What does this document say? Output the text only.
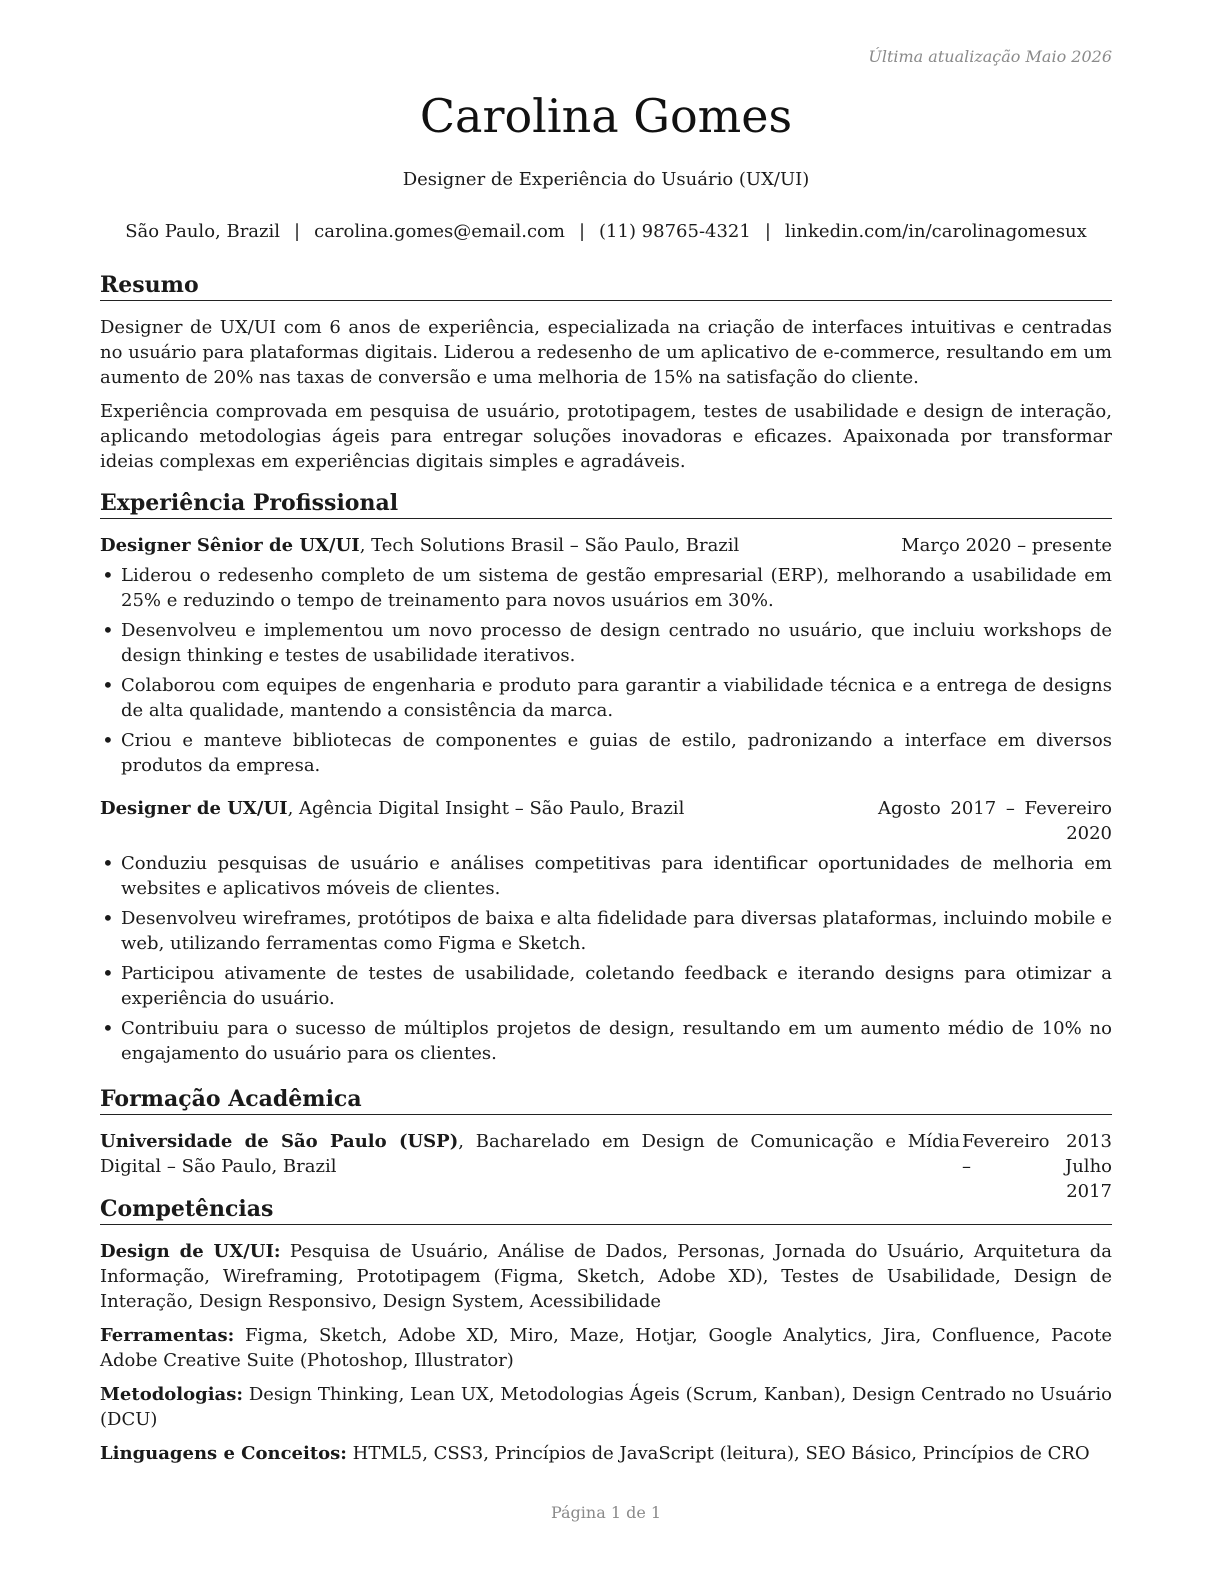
Última atualização Maio 2026
Carolina Gomes
Designer de Experiência do Usuário (UX/UI)
São Paulo, Brazil | carolina.gomes@email.com | (11) 98765-4321 | linkedin.com/in/carolinagomesux
Resumo

Designer de UX/UI com 6 anos de experiência, especializada na criação de interfaces intuitivas e centradas no usuário para plataformas digitais. Liderou a redesenho de um aplicativo de e-commerce, resultando em um aumento de 20% nas taxas de conversão e uma melhoria de 15% na satisfação do cliente.

Experiência comprovada em pesquisa de usuário, prototipagem, testes de usabilidade e design de interação, aplicando metodologias ágeis para entregar soluções inovadoras e eficazes. Apaixonada por transformar ideias complexas em experiências digitais simples e agradáveis.

Experiência Profissional
Designer Sênior de UX/UI, Tech Solutions Brasil – São Paulo, Brazil	Março 2020 – presente
• Liderou o redesenho completo de um sistema de gestão empresarial (ERP), melhorando a usabilidade em 25% e reduzindo o tempo de treinamento para novos usuários em 30%.
• Desenvolveu e implementou um novo processo de design centrado no usuário, que incluiu workshops de design thinking e testes de usabilidade iterativos.
• Colaborou com equipes de engenharia e produto para garantir a viabilidade técnica e a entrega de designs de alta qualidade, mantendo a consistência da marca.
• Criou e manteve bibliotecas de componentes e guias de estilo, padronizando a interface em diversos produtos da empresa.
Designer de UX/UI, Agência Digital Insight – São Paulo, Brazil	Agosto 2017 – Fevereiro
2020
• Conduziu pesquisas de usuário e análises competitivas para identificar oportunidades de melhoria em websites e aplicativos móveis de clientes.
• Desenvolveu wireframes, protótipos de baixa e alta fidelidade para diversas plataformas, incluindo mobile e web, utilizando ferramentas como Figma e Sketch.
• Participou ativamente de testes de usabilidade, coletando feedback e iterando designs para otimizar a experiência do usuário.
• Contribuiu para o sucesso de múltiplos projetos de design, resultando em um aumento médio de 10% no engajamento do usuário para os clientes.
Formação Acadêmica
Universidade de São Paulo (USP), Bacharelado em Design de Comunicação e Mídia Digital – São Paulo, Brazil
Fevereiro 2013 – Julho
2017
Competências

Design de UX/UI: Pesquisa de Usuário, Análise de Dados, Personas, Jornada do Usuário, Arquitetura da Informação, Wireframing, Prototipagem (Figma, Sketch, Adobe XD), Testes de Usabilidade, Design de Interação, Design Responsivo, Design System, Acessibilidade

Ferramentas: Figma, Sketch, Adobe XD, Miro, Maze, Hotjar, Google Analytics, Jira, Confluence, Pacote Adobe Creative Suite (Photoshop, Illustrator)

Metodologias: Design Thinking, Lean UX, Metodologias Ágeis (Scrum, Kanban), Design Centrado no Usuário (DCU)

Linguagens e Conceitos: HTML5, CSS3, Princípios de JavaScript (leitura), SEO Básico, Princípios de CRO

Página 1 de 1
